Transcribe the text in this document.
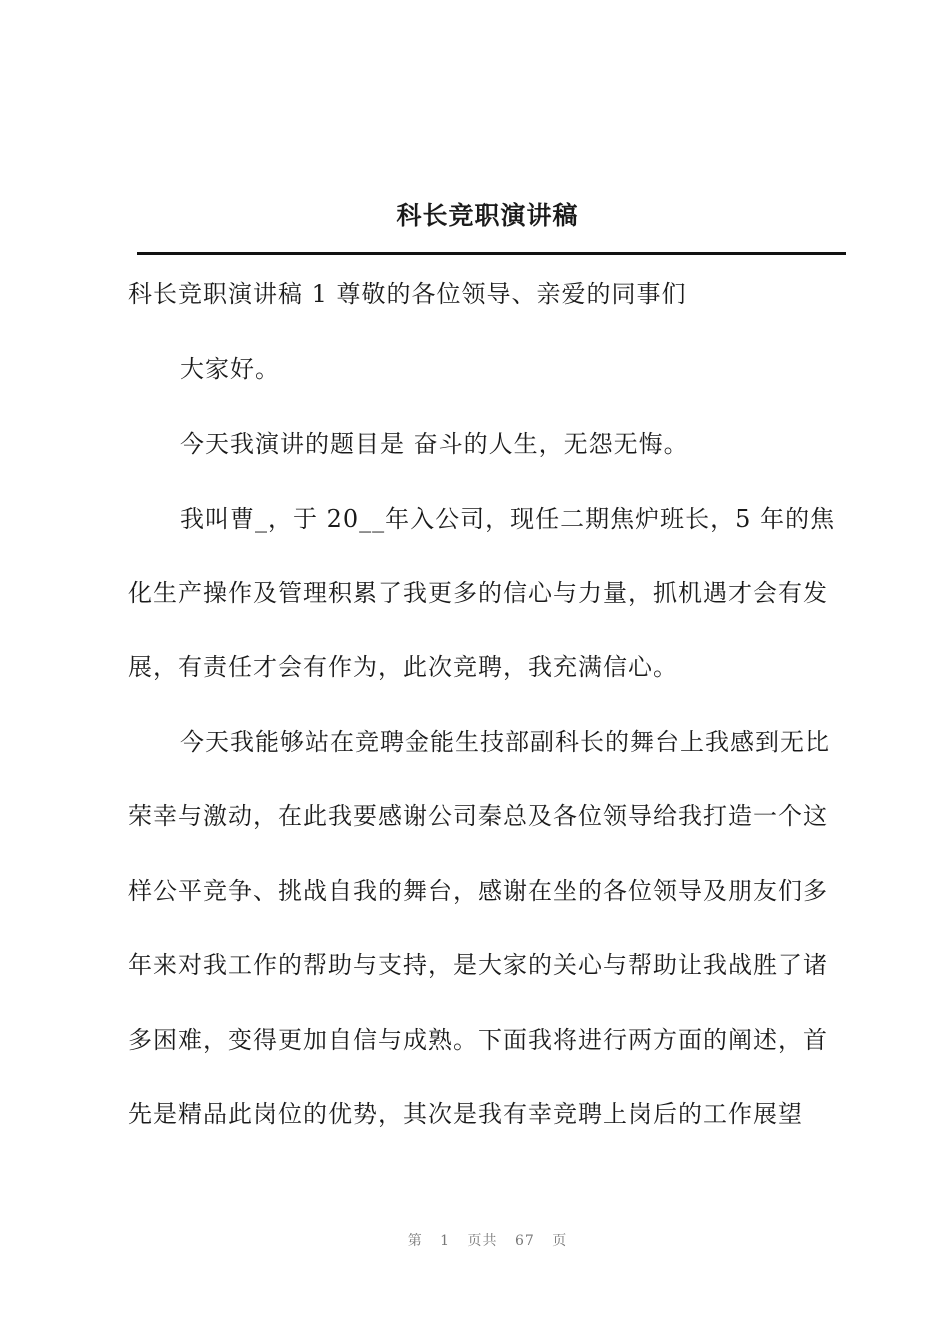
科长竞职演讲稿
科长竞职演讲稿 1 尊敬的各位领导、亲爱的同事们
大家好。
今天我演讲的题目是 奋斗的人生，无怨无悔。
我叫曹_，于 20__年入公司，现任二期焦炉班长，5 年的焦
化生产操作及管理积累了我更多的信心与力量，抓机遇才会有发
展，有责任才会有作为，此次竞聘，我充满信心。
今天我能够站在竞聘金能生技部副科长的舞台上我感到无比
荣幸与激动，在此我要感谢公司秦总及各位领导给我打造一个这
样公平竞争、挑战自我的舞台，感谢在坐的各位领导及朋友们多
年来对我工作的帮助与支持，是大家的关心与帮助让我战胜了诸
多困难，变得更加自信与成熟。下面我将进行两方面的阐述，首
先是精品此岗位的优势，其次是我有幸竞聘上岗后的工作展望
第 1 页共 67 页
